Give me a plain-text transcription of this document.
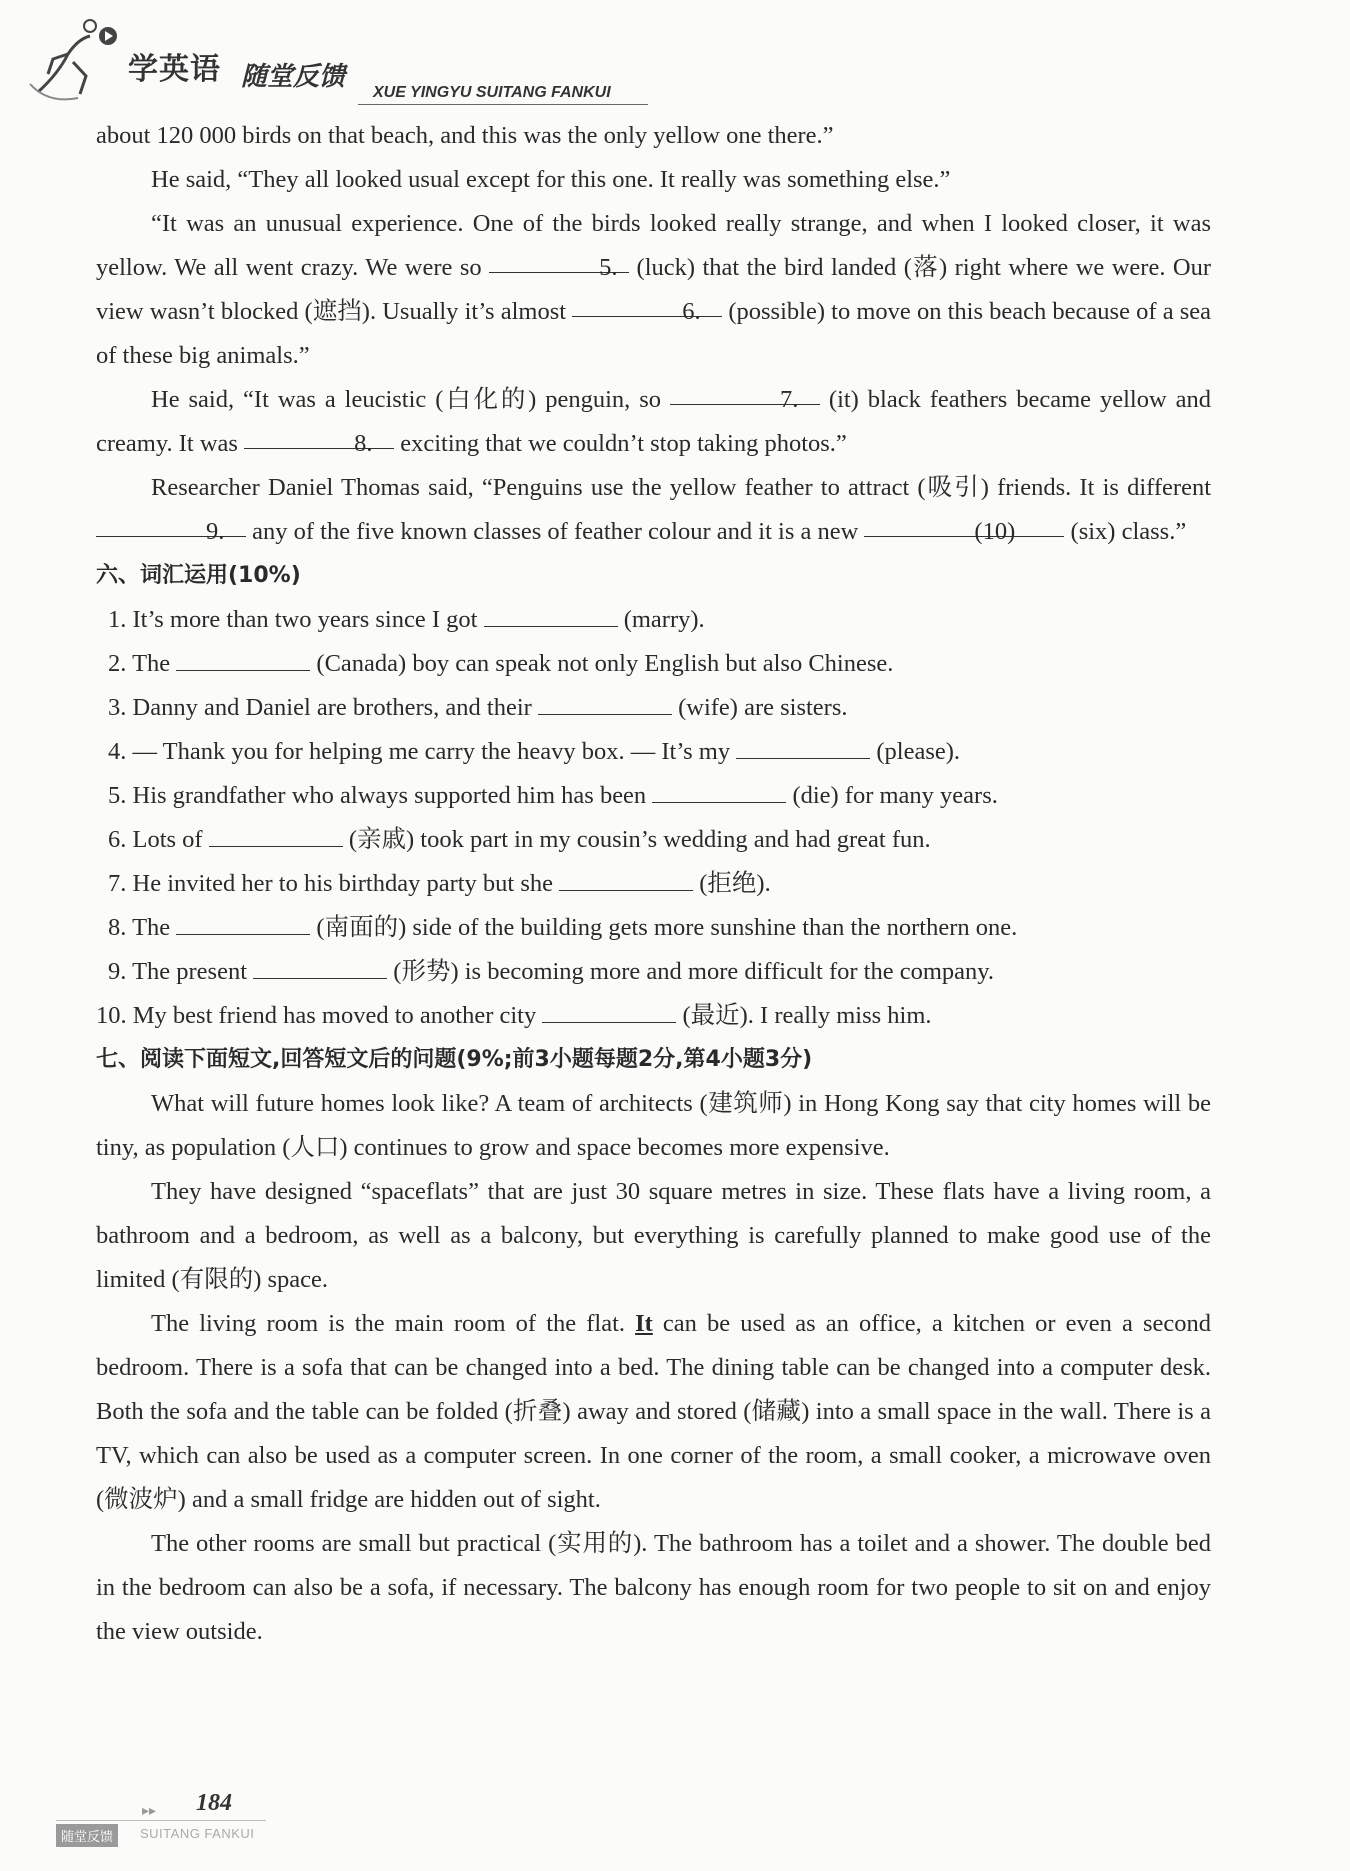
学英语 随堂反馈
XUE YINGYU SUITANG FANKUI

about 120 000 birds on that beach, and this was the only yellow one there.”

He said, “They all looked usual except for this one. It really was something else.”

“It was an unusual experience. One of the birds looked really strange, and when I looked closer, it was yellow. We all went crazy. We were so	5. (luck) that the bird landed (落) right where we were. Our view wasn’t blocked (遮挡). Usually it’s almost	6. (possible) to move on this beach because of a sea of these big animals.”

He said, “It was a leucistic (白化的) penguin, so	7. (it) black feathers became yellow and creamy. It was	8. exciting that we couldn’t stop taking photos.”

Researcher Daniel Thomas said, “Penguins use the yellow feather to attract (吸引) friends. It is different 9. any of the five known classes of feather colour and it is a new	(10) (six) class.”

六、词汇运用(10%)

1. It’s more than two years since I got	(marry).
2. The	(Canada) boy can speak not only English but also Chinese.
3. Danny and Daniel are brothers, and their	(wife) are sisters.
4. — Thank you for helping me carry the heavy box. — It’s my	(please).
5. His grandfather who always supported him has been	(die) for many years.
6. Lots of	(亲戚) took part in my cousin’s wedding and had great fun.
7. He invited her to his birthday party but she	(拒绝).
8. The	(南面的) side of the building gets more sunshine than the northern one.
9. The present	(形势) is becoming more and more difficult for the company.
10. My best friend has moved to another city	(最近). I really miss him.

七、阅读下面短文,回答短文后的问题(9%;前3小题每题2分,第4小题3分)

What will future homes look like? A team of architects (建筑师) in Hong Kong say that city homes will be tiny, as population (人口) continues to grow and space becomes more expensive.

They have designed “spaceflats” that are just 30 square metres in size. These flats have a living room, a bathroom and a bedroom, as well as a balcony, but everything is carefully planned to make good use of the limited (有限的) space.

The living room is the main room of the flat. It can be used as an office, a kitchen or even a second bedroom. There is a sofa that can be changed into a bed. The dining table can be changed into a computer desk. Both the sofa and the table can be folded (折叠) away and stored (储藏) into a small space in the wall. There is a TV, which can also be used as a computer screen. In one corner of the room, a small cooker, a microwave oven (微波炉) and a small fridge are hidden out of sight.

The other rooms are small but practical (实用的). The bathroom has a toilet and a shower. The double bed in the bedroom can also be a sofa, if necessary. The balcony has enough room for two people to sit on and enjoy the view outside.

▸▸ 184
随堂反馈	SUITANG FANKUI
